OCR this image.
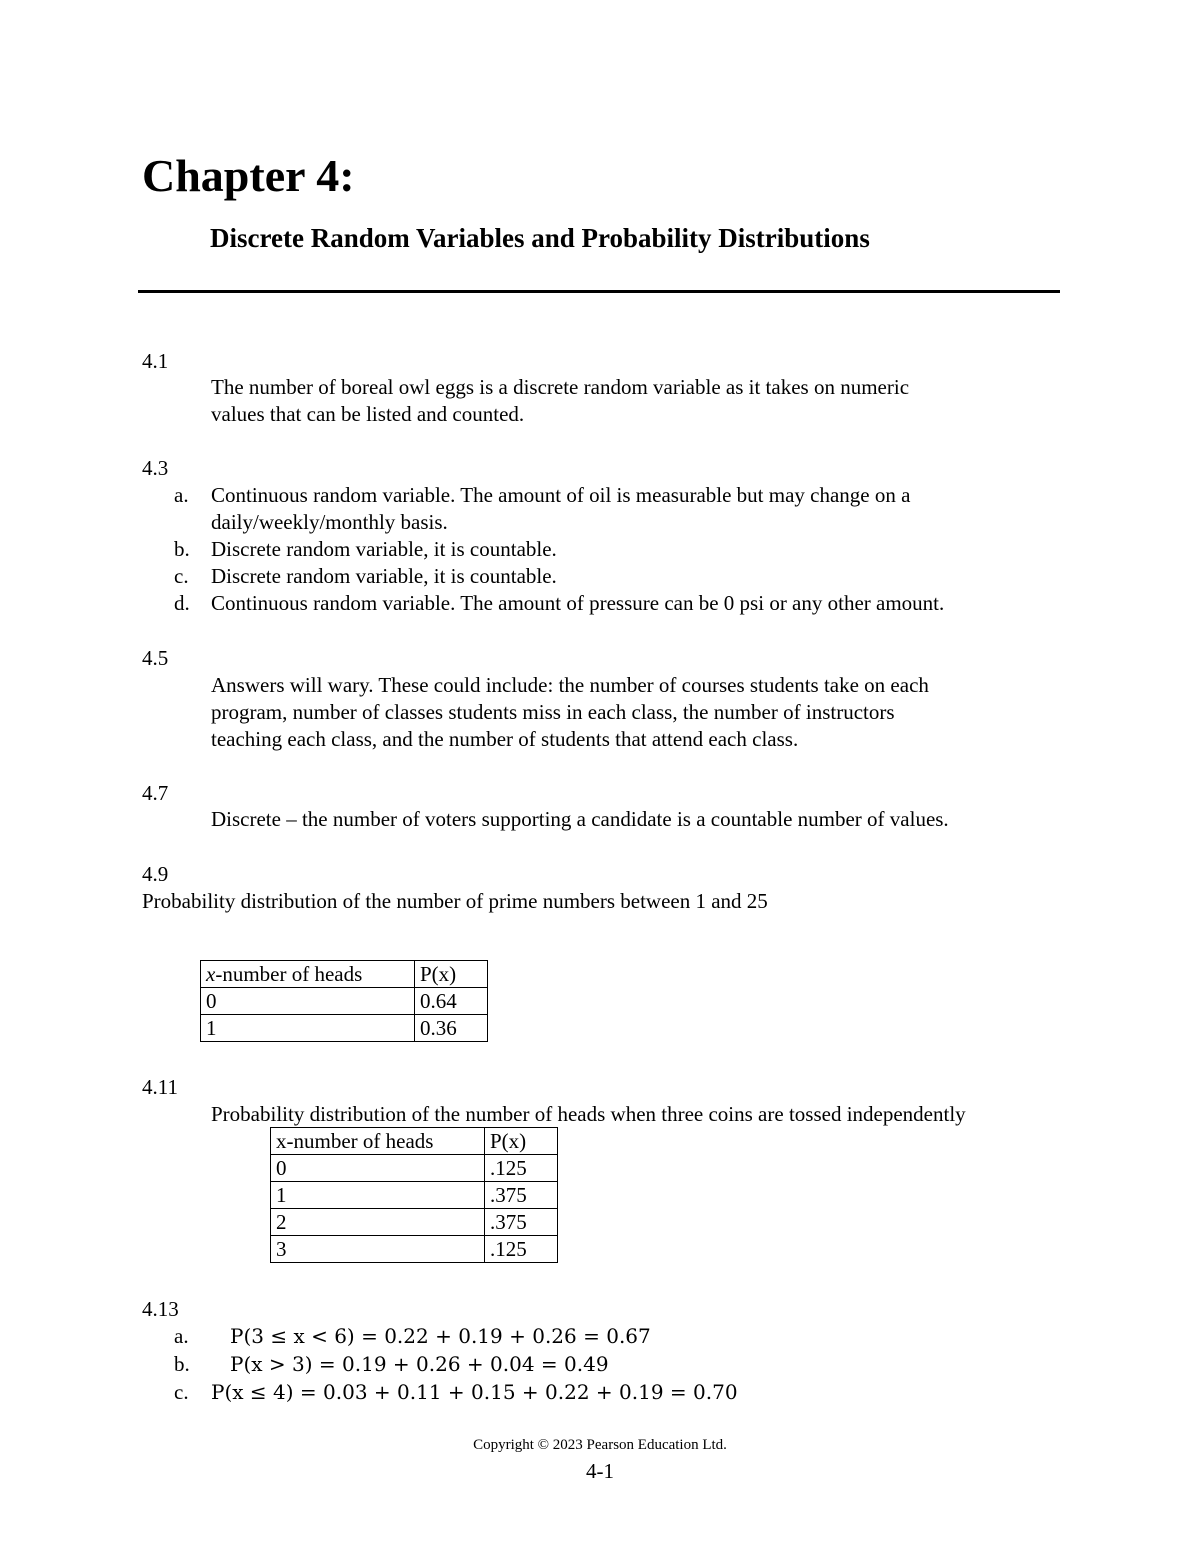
Chapter 4:
Discrete Random Variables and Probability Distributions
4.1
The number of boreal owl eggs is a discrete random variable as it takes on numeric
values that can be listed and counted.
4.3
a. Continuous random variable. The amount of oil is measurable but may change on a
daily/weekly/monthly basis.
b. Discrete random variable, it is countable.
c. Discrete random variable, it is countable.
d. Continuous random variable. The amount of pressure can be 0 psi or any other amount.
4.5
Answers will wary. These could include: the number of courses students take on each
program, number of classes students miss in each class, the number of instructors
teaching each class, and the number of students that attend each class.
4.7
Discrete – the number of voters supporting a candidate is a countable number of values.
4.9
Probability distribution of the number of prime numbers between 1 and 25
x-number of heads	P(x)
0	0.64
1	0.36
4.11
Probability distribution of the number of heads when three coins are tossed independently
x-number of heads	P(x)
0	.125
1	.375
2	.375
3	.125
4.13
a. P(3 ≤ x < 6) = 0.22 + 0.19 + 0.26 = 0.67
b. P(x > 3) = 0.19 + 0.26 + 0.04 = 0.49
c. P(x ≤ 4) = 0.03 + 0.11 + 0.15 + 0.22 + 0.19 = 0.70
Copyright © 2023 Pearson Education Ltd.
4-1
